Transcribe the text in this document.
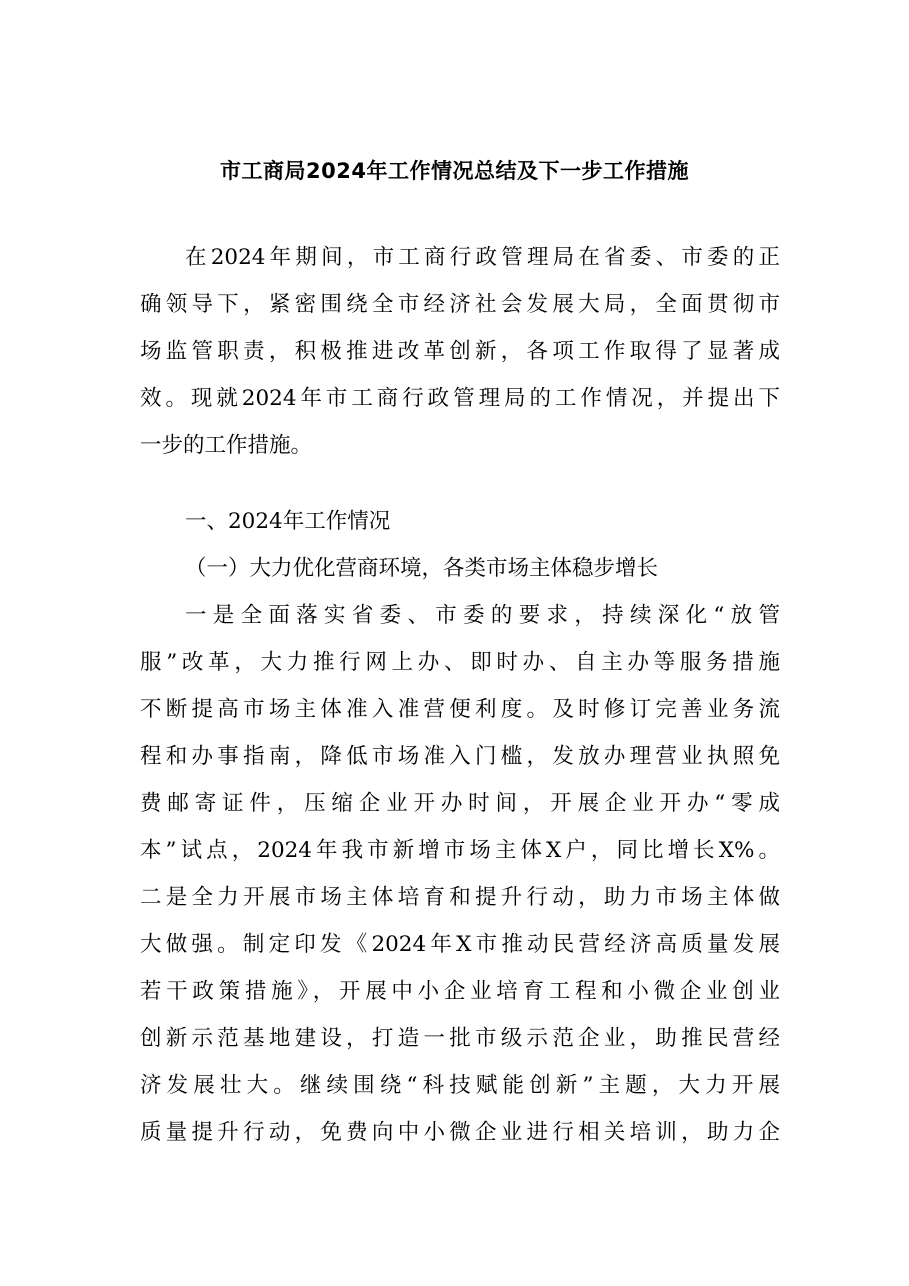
市工商局2024年工作情况总结及下一步工作措施
在2024年期间，市工商行政管理局在省委、市委的正
确领导下，紧密围绕全市经济社会发展大局，全面贯彻市
场监管职责，积极推进改革创新，各项工作取得了显著成
效。现就2024年市工商行政管理局的工作情况，并提出下
一步的工作措施。
一、2024年工作情况
（一）大力优化营商环境，各类市场主体稳步增长
一是全面落实省委、市委的要求，持续深化“放管
服”改革，大力推行网上办、即时办、自主办等服务措施
不断提高市场主体准入准营便利度。及时修订完善业务流
程和办事指南，降低市场准入门槛，发放办理营业执照免
费邮寄证件，压缩企业开办时间，开展企业开办“零成
本”试点，2024年我市新增市场主体X户，同比增长X%。
二是全力开展市场主体培育和提升行动，助力市场主体做
大做强。制定印发《2024年X市推动民营经济高质量发展
若干政策措施》，开展中小企业培育工程和小微企业创业
创新示范基地建设，打造一批市级示范企业，助推民营经
济发展壮大。继续围绕“科技赋能创新”主题，大力开展
质量提升行动，免费向中小微企业进行相关培训，助力企
